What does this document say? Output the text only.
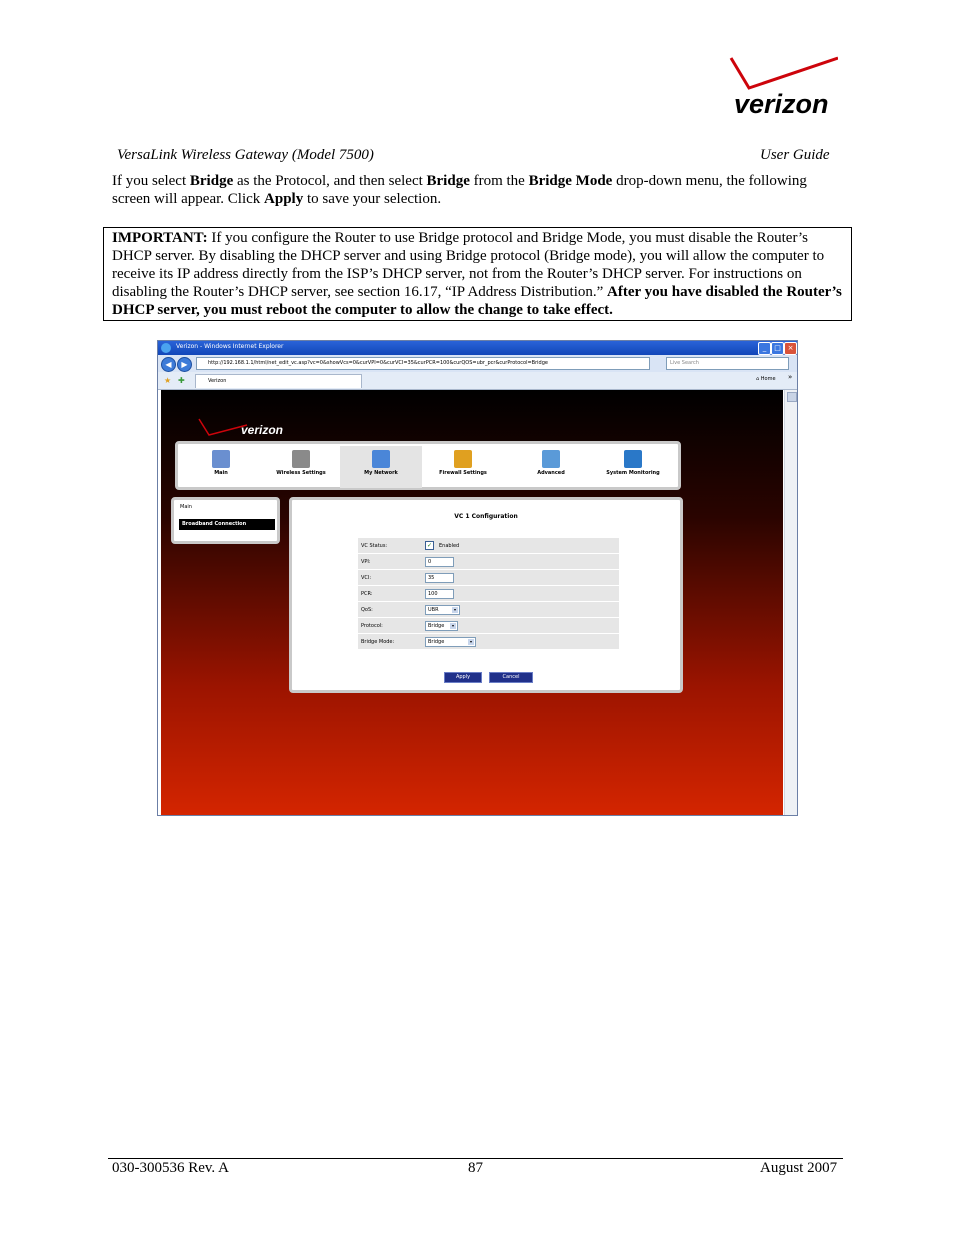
verizon
VersaLink Wireless Gateway (Model 7500)	User Guide
If you select Bridge as the Protocol, and then select Bridge from the Bridge Mode drop-down menu, the following screen will appear. Click Apply to save your selection.
IMPORTANT: If you configure the Router to use Bridge protocol and Bridge Mode, you must disable the Router’s DHCP server. By disabling the DHCP server and using Bridge protocol (Bridge mode), you will allow the computer to receive its IP address directly from the ISP’s DHCP server, not from the Router’s DHCP server. For instructions on disabling the Router’s DHCP server, see section 16.17, “IP Address Distribution.” After you have disabled the Router’s DHCP server, you must reboot the computer to allow the change to take effect.
Verizon - Windows Internet Explorer	_	□ ×
◀	▶	http://192.168.1.1/html/net_edit_vc.asp?vc=0&showVcs=0&curVPI=0&curVCI=35&curPCR=100&curQOS=ubr_pcr&curProtocol=Bridge	Live Search
★ ✚	Verizon	⌂ Home »
verizon
Main	Wireless Settings	My Network	Firewall Settings	Advanced	System Monitoring
Main
Broadband Connection
VC 1 Configuration
VC Status:	✓	Enabled
VPI:	0
VCI:	35
PCR:	100
QoS:	UBR	▾
Protocol:	Bridge	▾
Bridge Mode:	Bridge	▾
Apply	Cancel
030-300536 Rev. A	87	August 2007
